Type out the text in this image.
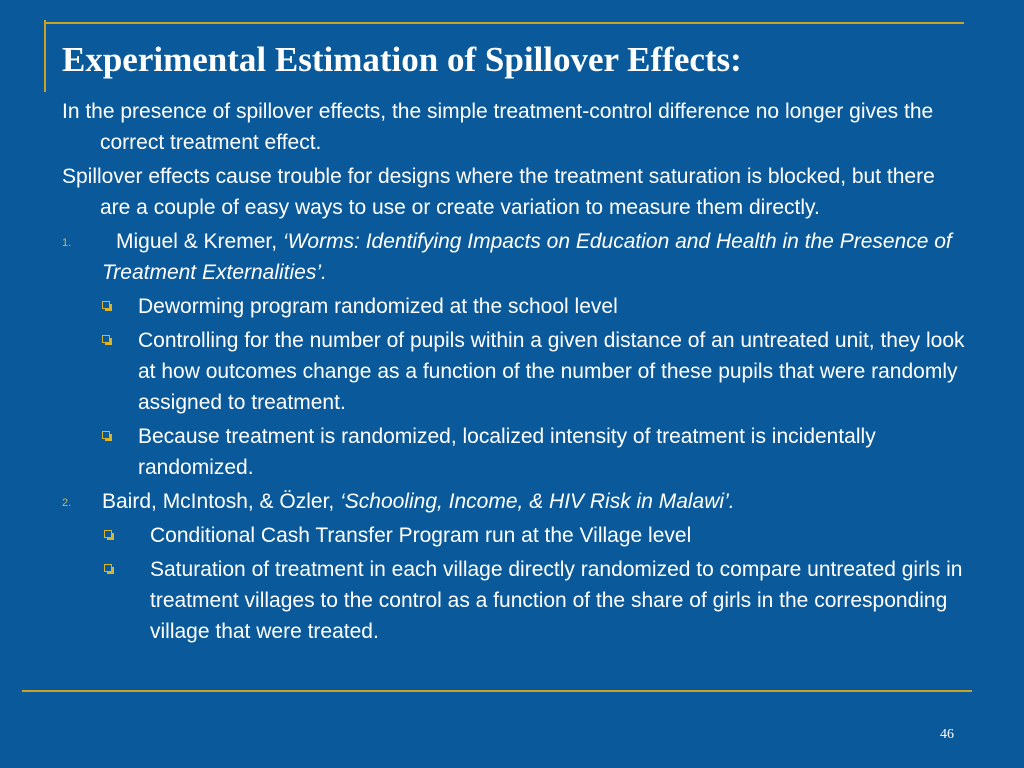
Experimental Estimation of Spillover Effects:

In the presence of spillover effects, the simple treatment-control difference no longer gives the correct treatment effect.

Spillover effects cause trouble for designs where the treatment saturation is blocked, but there are a couple of easy ways to use or create variation to measure them directly.

1. Miguel & Kremer, ‘Worms: Identifying Impacts on Education and Health in the Presence of Treatment Externalities’.
Deworming program randomized at the school level
Controlling for the number of pupils within a given distance of an untreated unit, they look at how outcomes change as a function of the number of these pupils that were randomly assigned to treatment.
Because treatment is randomized, localized intensity of treatment is incidentally randomized.
2. Baird, McIntosh, & Özler, ‘Schooling, Income, & HIV Risk in Malawi’.
Conditional Cash Transfer Program run at the Village level
Saturation of treatment in each village directly randomized to compare untreated girls in treatment villages to the control as a function of the share of girls in the corresponding village that were treated.
46
